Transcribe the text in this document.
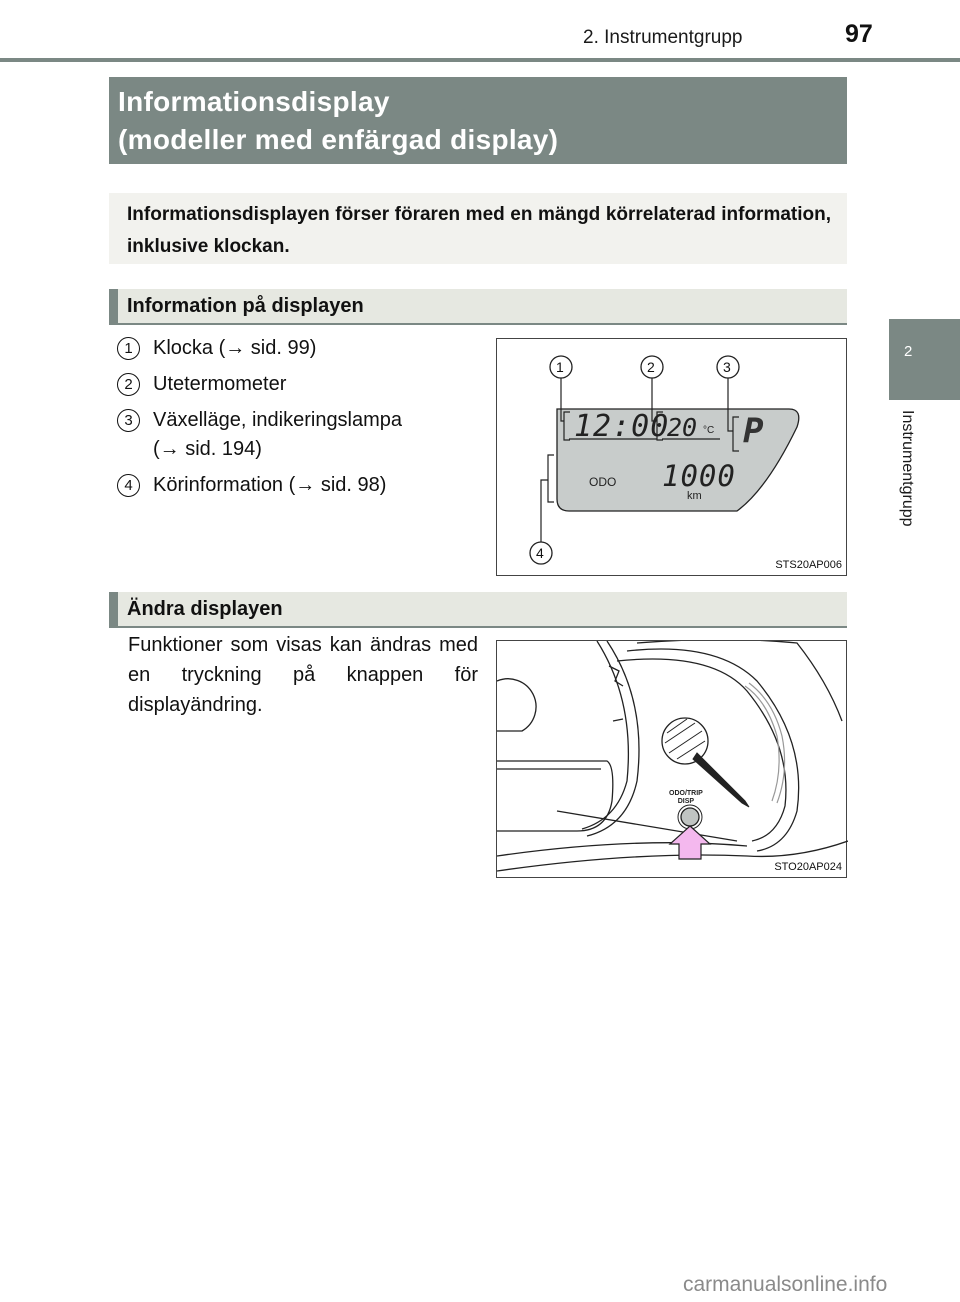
2. Instrumentgrupp	97
2
Instrumentgrupp
Informationsdisplay
(modeller med enfärgad display)

Informationsdisplayen förser föraren med en mängd körrelaterad information, inklusive klockan.

Information på displayen
1	Klocka (→ sid. 99)
2	Utetermometer
3	Växelläge, indikeringslampa
(→ sid. 194)
4	Körinformation (→ sid. 98)
12:00
20 °C P
ODO 1000
km
1	2	3
4
STS20AP006
Ändra displayen

Funktioner som visas kan ändras med en tryckning på knappen för displayändring.

ODO/TRIP
DISP
STO20AP024
carmanualsonline.info
